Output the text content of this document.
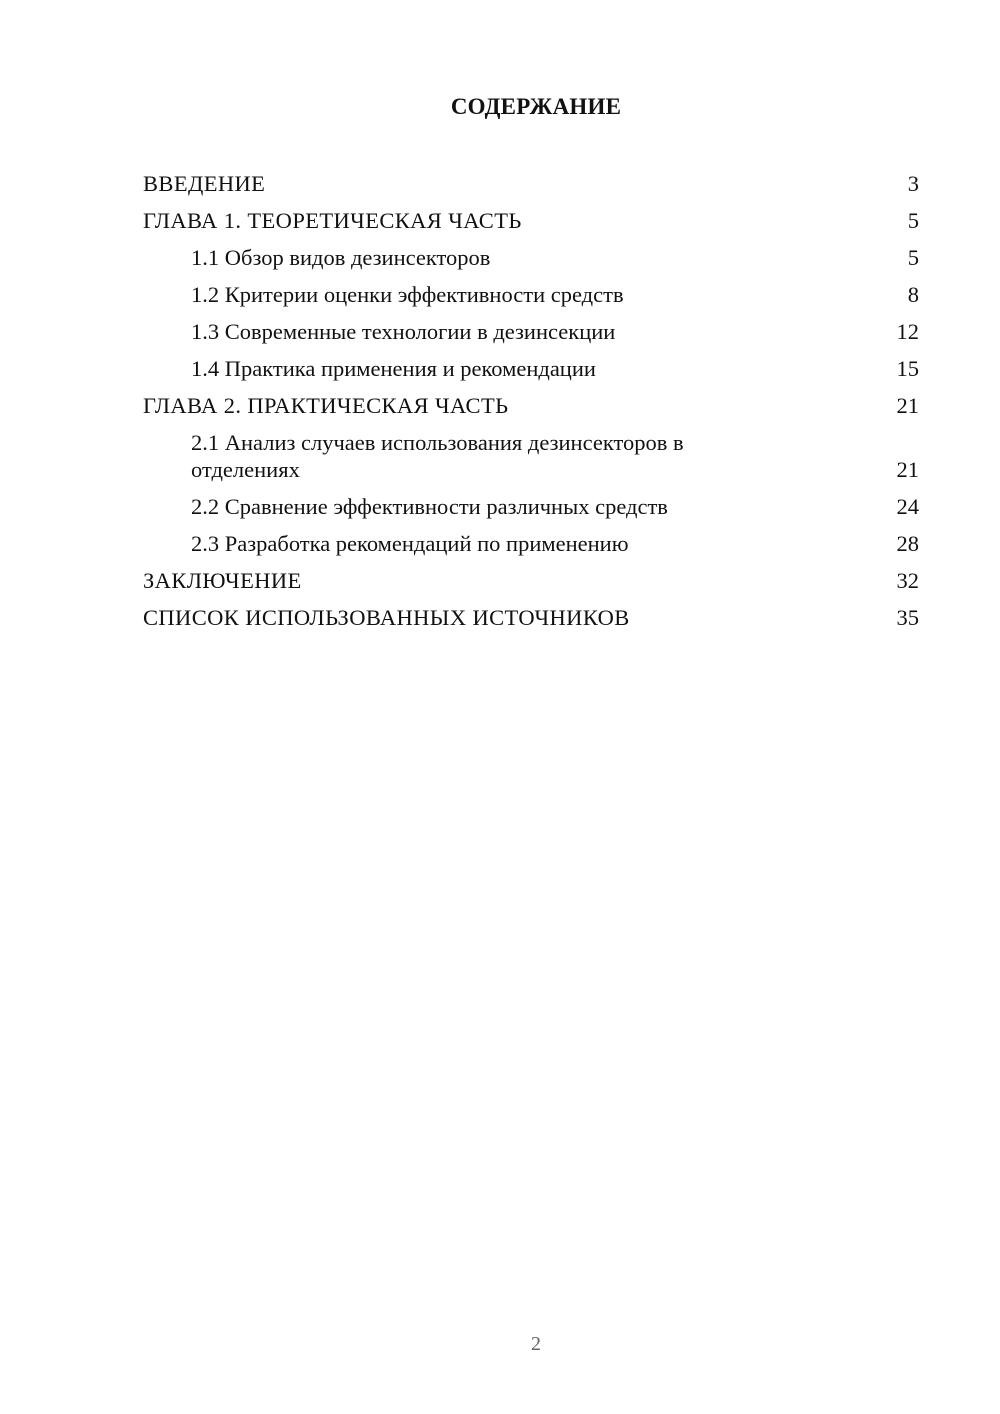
СОДЕРЖАНИЕ
ВВЕДЕНИЕ	3
ГЛАВА 1. ТЕОРЕТИЧЕСКАЯ ЧАСТЬ	5
1.1 Обзор видов дезинсекторов	5
1.2 Критерии оценки эффективности средств	8
1.3 Современные технологии в дезинсекции	12
1.4 Практика применения и рекомендации	15
ГЛАВА 2. ПРАКТИЧЕСКАЯ ЧАСТЬ	21
2.1 Анализ случаев использования дезинсекторов в отделениях	21
2.2 Сравнение эффективности различных средств	24
2.3 Разработка рекомендаций по применению	28
ЗАКЛЮЧЕНИЕ	32
СПИСОК ИСПОЛЬЗОВАННЫХ ИСТОЧНИКОВ	35
2
